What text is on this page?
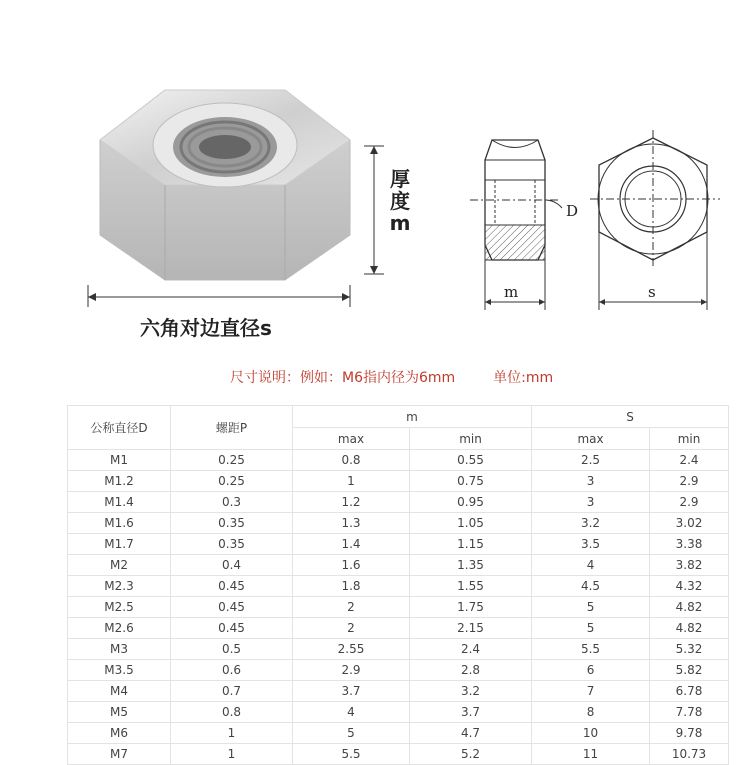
厚
度
m
六角对边直径s
D
m	s
尺寸说明：例如：M6指内径为6mm	单位:mm
公称直径D	螺距P	m		S	
		max	min	max	min
M1	0.25	0.8	0.55	2.5	2.4
M1.2	0.25	1	0.75	3	2.9
M1.4	0.3	1.2	0.95	3	2.9
M1.6	0.35	1.3	1.05	3.2	3.02
M1.7	0.35	1.4	1.15	3.5	3.38
M2	0.4	1.6	1.35	4	3.82
M2.3	0.45	1.8	1.55	4.5	4.32
M2.5	0.45	2	1.75	5	4.82
M2.6	0.45	2	2.15	5	4.82
M3	0.5	2.55	2.4	5.5	5.32
M3.5	0.6	2.9	2.8	6	5.82
M4	0.7	3.7	3.2	7	6.78
M5	0.8	4	3.7	8	7.78
M6	1	5	4.7	10	9.78
M7	1	5.5	5.2	11	10.73
